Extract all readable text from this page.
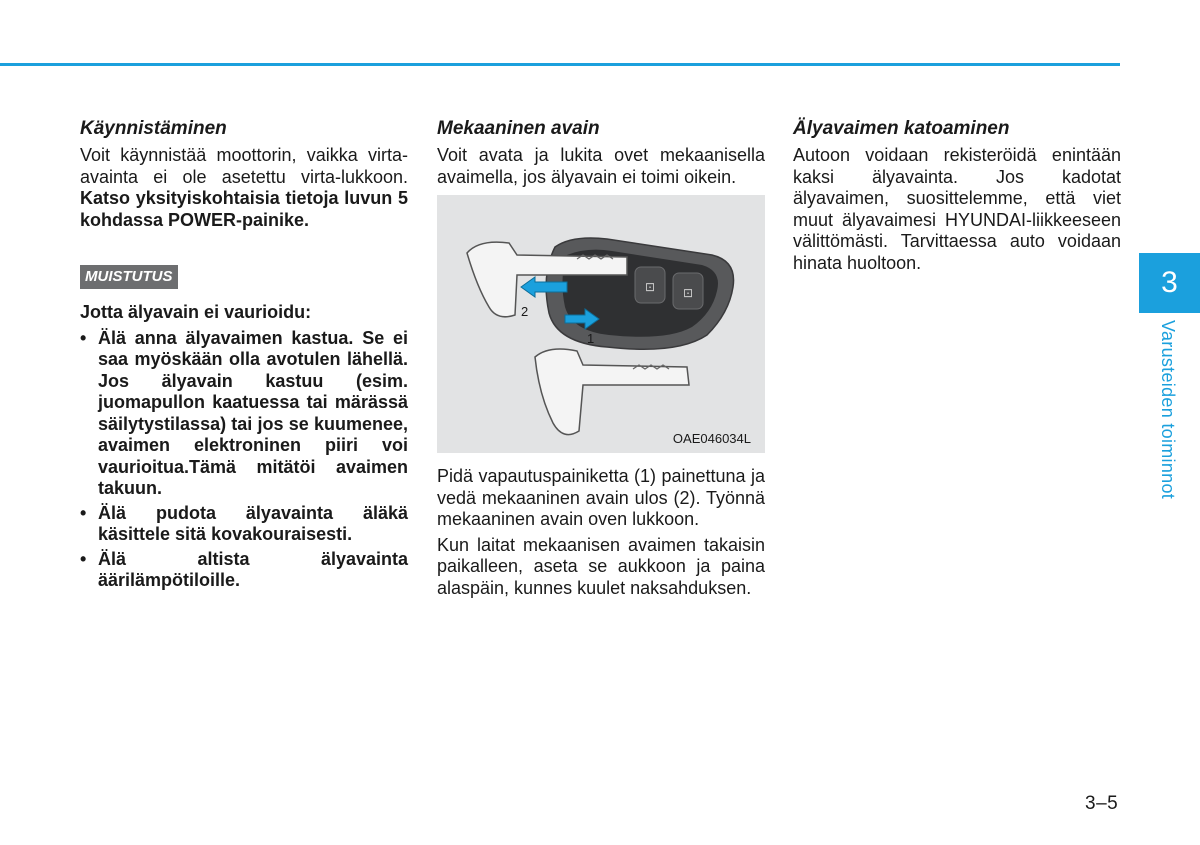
Käynnistäminen

Voit käynnistää moottorin, vaikka virta-avainta ei ole asetettu virta-lukkoon. Katso yksityiskohtaisia tietoja luvun 5 kohdassa POWER-painike.

MUISTUTUS

Jotta älyavain ei vaurioidu:

• Älä anna älyavaimen kastua. Se ei saa myöskään olla avotulen lähellä. Jos älyavain kastuu (esim. juomapullon kaatuessa tai märässä säilytystilassa) tai jos se kuumenee, avaimen elektroninen piiri voi vaurioitua.Tämä mitätöi avaimen takuun.
• Älä pudota älyavainta äläkä käsittele sitä kovakouraisesti.
• Älä altista älyavainta äärilämpötiloille.
Mekaaninen avain

Voit avata ja lukita ovet mekaanisella avaimella, jos älyavain ei toimi oikein.

⊡ ⊡
2
1
OAE046034L

Pidä vapautuspainiketta (1) painettuna ja vedä mekaaninen avain ulos (2). Työnnä mekaaninen avain oven lukkoon.

Kun laitat mekaanisen avaimen takaisin paikalleen, aseta se aukkoon ja paina alaspäin, kunnes kuulet naksahduksen.

Älyavaimen katoaminen

Autoon voidaan rekisteröidä enintään kaksi älyavainta. Jos kadotat älyavaimen, suosittelemme, että viet muut älyavaimesi HYUNDAI-liikkeeseen välittömästi. Tarvittaessa auto voidaan hinata huoltoon.

3
Varusteiden toiminnot
3–5
